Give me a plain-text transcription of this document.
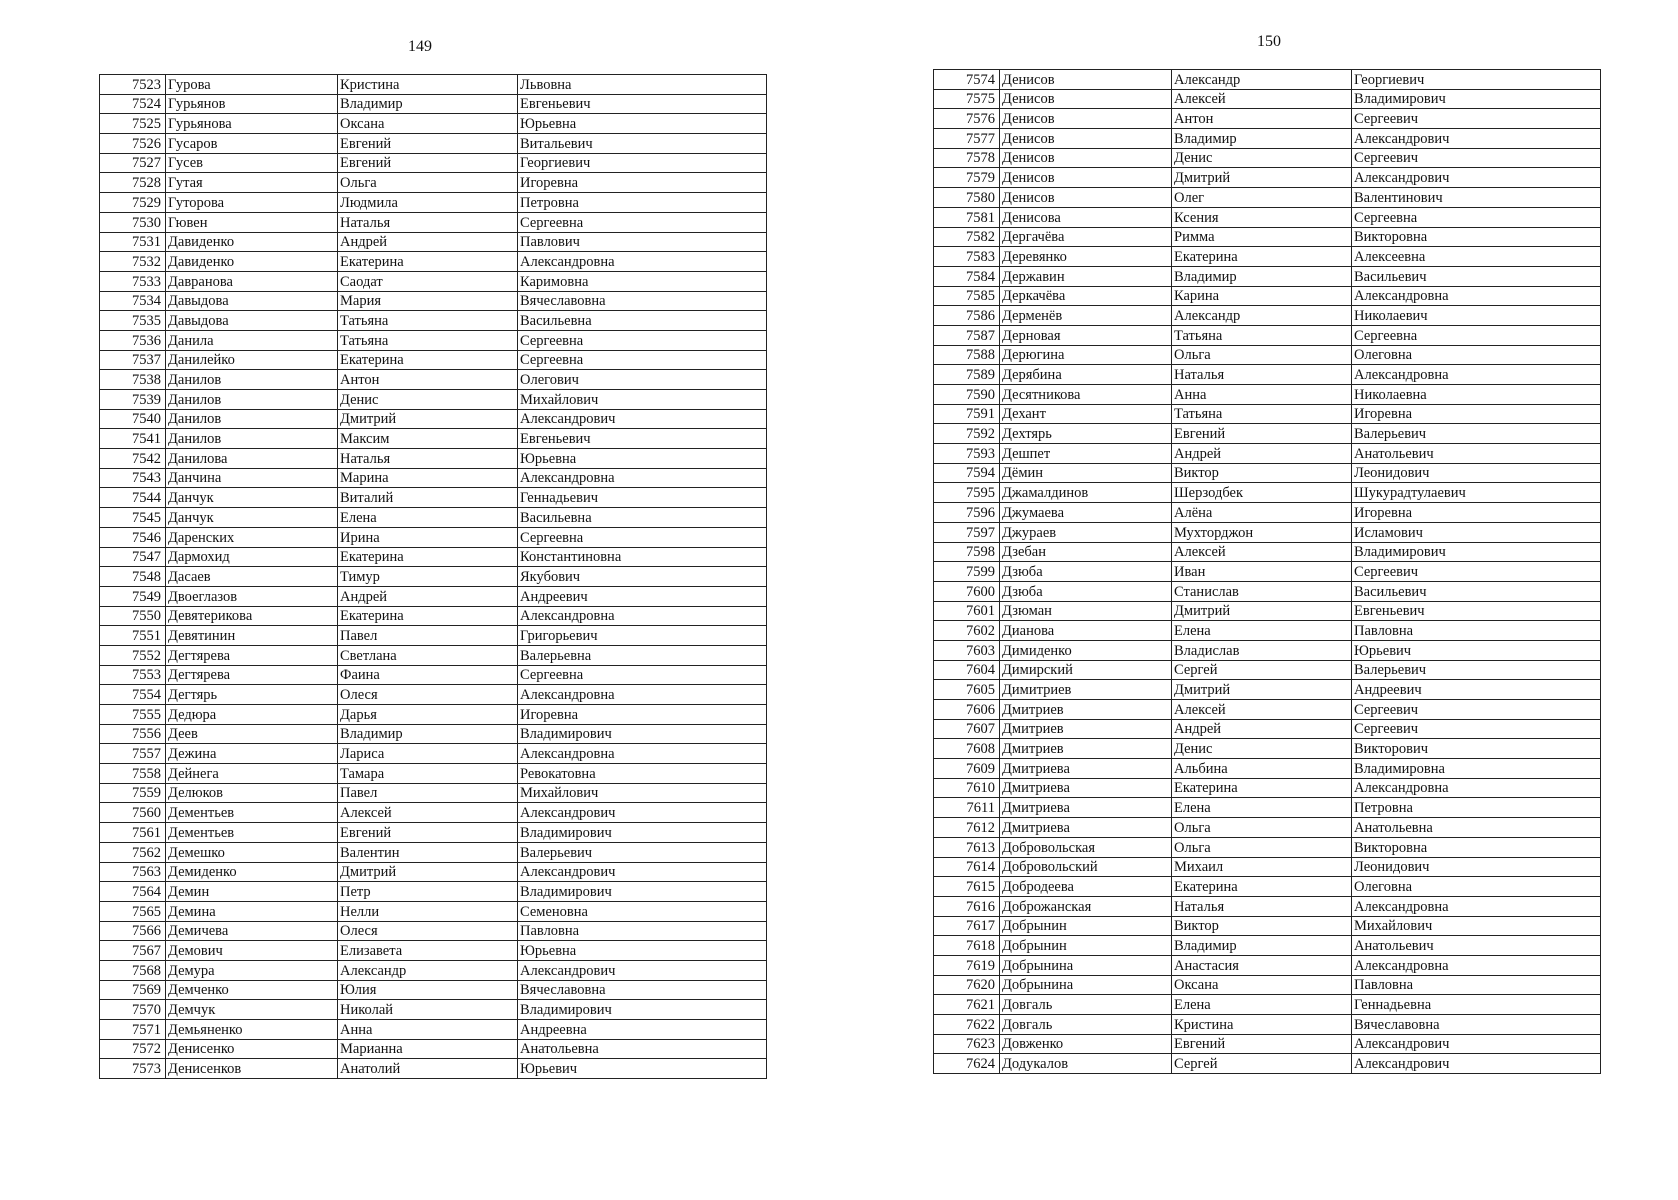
149
7523	Гурова	Кристина	Львовна
7524	Гурьянов	Владимир	Евгеньевич
7525	Гурьянова	Оксана	Юрьевна
7526	Гусаров	Евгений	Витальевич
7527	Гусев	Евгений	Георгиевич
7528	Гутая	Ольга	Игоревна
7529	Гуторова	Людмила	Петровна
7530	Гювен	Наталья	Сергеевна
7531	Давиденко	Андрей	Павлович
7532	Давиденко	Екатерина	Александровна
7533	Давранова	Саодат	Каримовна
7534	Давыдова	Мария	Вячеславовна
7535	Давыдова	Татьяна	Васильевна
7536	Данила	Татьяна	Сергеевна
7537	Данилейко	Екатерина	Сергеевна
7538	Данилов	Антон	Олегович
7539	Данилов	Денис	Михайлович
7540	Данилов	Дмитрий	Александрович
7541	Данилов	Максим	Евгеньевич
7542	Данилова	Наталья	Юрьевна
7543	Данчина	Марина	Александровна
7544	Данчук	Виталий	Геннадьевич
7545	Данчук	Елена	Васильевна
7546	Даренских	Ирина	Сергеевна
7547	Дармохид	Екатерина	Константиновна
7548	Дасаев	Тимур	Якубович
7549	Двоеглазов	Андрей	Андреевич
7550	Девятерикова	Екатерина	Александровна
7551	Девятинин	Павел	Григорьевич
7552	Дегтярева	Светлана	Валерьевна
7553	Дегтярева	Фаина	Сергеевна
7554	Дегтярь	Олеся	Александровна
7555	Дедюра	Дарья	Игоревна
7556	Деев	Владимир	Владимирович
7557	Дежина	Лариса	Александровна
7558	Дейнега	Тамара	Ревокатовна
7559	Делюков	Павел	Михайлович
7560	Дементьев	Алексей	Александрович
7561	Дементьев	Евгений	Владимирович
7562	Демешко	Валентин	Валерьевич
7563	Демиденко	Дмитрий	Александрович
7564	Демин	Петр	Владимирович
7565	Демина	Нелли	Семеновна
7566	Демичева	Олеся	Павловна
7567	Демович	Елизавета	Юрьевна
7568	Демура	Александр	Александрович
7569	Демченко	Юлия	Вячеславовна
7570	Демчук	Николай	Владимирович
7571	Демьяненко	Анна	Андреевна
7572	Денисенко	Марианна	Анатольевна
7573	Денисенков	Анатолий	Юрьевич
150
7574	Денисов	Александр	Георгиевич
7575	Денисов	Алексей	Владимирович
7576	Денисов	Антон	Сергеевич
7577	Денисов	Владимир	Александрович
7578	Денисов	Денис	Сергеевич
7579	Денисов	Дмитрий	Александрович
7580	Денисов	Олег	Валентинович
7581	Денисова	Ксения	Сергеевна
7582	Дергачёва	Римма	Викторовна
7583	Деревянко	Екатерина	Алексеевна
7584	Державин	Владимир	Васильевич
7585	Деркачёва	Карина	Александровна
7586	Дерменёв	Александр	Николаевич
7587	Дерновая	Татьяна	Сергеевна
7588	Дерюгина	Ольга	Олеговна
7589	Дерябина	Наталья	Александровна
7590	Десятникова	Анна	Николаевна
7591	Дехант	Татьяна	Игоревна
7592	Дехтярь	Евгений	Валерьевич
7593	Дешпет	Андрей	Анатольевич
7594	Дёмин	Виктор	Леонидович
7595	Джамалдинов	Шерзодбек	Шукурадтулаевич
7596	Джумаева	Алёна	Игоревна
7597	Джураев	Мухторджон	Исламович
7598	Дзебан	Алексей	Владимирович
7599	Дзюба	Иван	Сергеевич
7600	Дзюба	Станислав	Васильевич
7601	Дзюман	Дмитрий	Евгеньевич
7602	Дианова	Елена	Павловна
7603	Димиденко	Владислав	Юрьевич
7604	Димирский	Сергей	Валерьевич
7605	Димитриев	Дмитрий	Андреевич
7606	Дмитриев	Алексей	Сергеевич
7607	Дмитриев	Андрей	Сергеевич
7608	Дмитриев	Денис	Викторович
7609	Дмитриева	Альбина	Владимировна
7610	Дмитриева	Екатерина	Александровна
7611	Дмитриева	Елена	Петровна
7612	Дмитриева	Ольга	Анатольевна
7613	Добровольская	Ольга	Викторовна
7614	Добровольский	Михаил	Леонидович
7615	Добродеева	Екатерина	Олеговна
7616	Доброжанская	Наталья	Александровна
7617	Добрынин	Виктор	Михайлович
7618	Добрынин	Владимир	Анатольевич
7619	Добрынина	Анастасия	Александровна
7620	Добрынина	Оксана	Павловна
7621	Довгаль	Елена	Геннадьевна
7622	Довгаль	Кристина	Вячеславовна
7623	Довженко	Евгений	Александрович
7624	Додукалов	Сергей	Александрович
